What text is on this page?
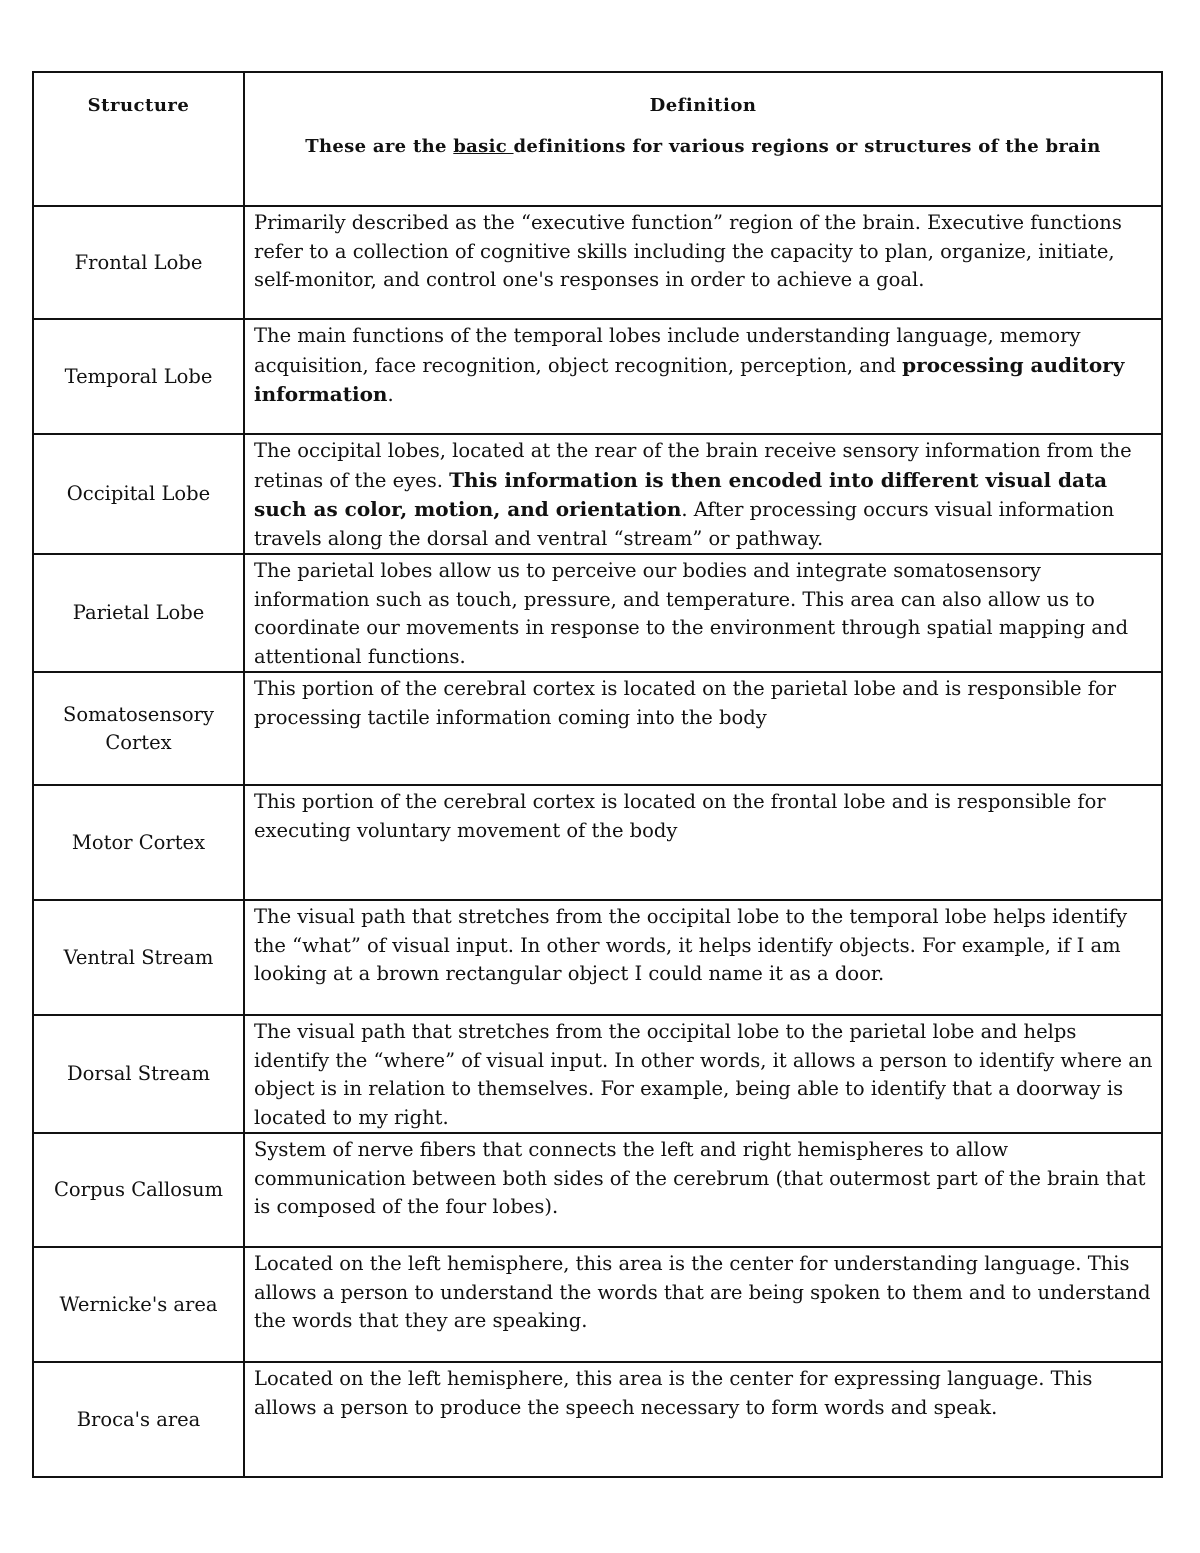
Structure	Definition
These are the basic definitions for various regions or structures of the brain

Frontal Lobe	Primarily described as the “executive function” region of the brain. Executive functions refer to a collection of cognitive skills including the capacity to plan, organize, initiate, self-monitor, and control one's responses in order to achieve a goal.
Temporal Lobe	The main functions of the temporal lobes include understanding language, memory acquisition, face recognition, object recognition, perception, and processing auditory information.
Occipital Lobe	The occipital lobes, located at the rear of the brain receive sensory information from the retinas of the eyes. This information is then encoded into different visual data such as color, motion, and orientation. After processing occurs visual information travels along the dorsal and ventral “stream” or pathway.
Parietal Lobe	The parietal lobes allow us to perceive our bodies and integrate somatosensory information such as touch, pressure, and temperature. This area can also allow us to coordinate our movements in response to the environment through spatial mapping and attentional functions.
Somatosensory Cortex	This portion of the cerebral cortex is located on the parietal lobe and is responsible for processing tactile information coming into the body
Motor Cortex	This portion of the cerebral cortex is located on the frontal lobe and is responsible for executing voluntary movement of the body
Ventral Stream	The visual path that stretches from the occipital lobe to the temporal lobe helps identify the “what” of visual input. In other words, it helps identify objects. For example, if I am looking at a brown rectangular object I could name it as a door.
Dorsal Stream	The visual path that stretches from the occipital lobe to the parietal lobe and helps identify the “where” of visual input. In other words, it allows a person to identify where an object is in relation to themselves. For example, being able to identify that a doorway is located to my right.
Corpus Callosum	System of nerve fibers that connects the left and right hemispheres to allow communication between both sides of the cerebrum (that outermost part of the brain that is composed of the four lobes).
Wernicke's area	Located on the left hemisphere, this area is the center for understanding language. This allows a person to understand the words that are being spoken to them and to understand the words that they are speaking.
Broca's area	Located on the left hemisphere, this area is the center for expressing language. This allows a person to produce the speech necessary to form words and speak.
